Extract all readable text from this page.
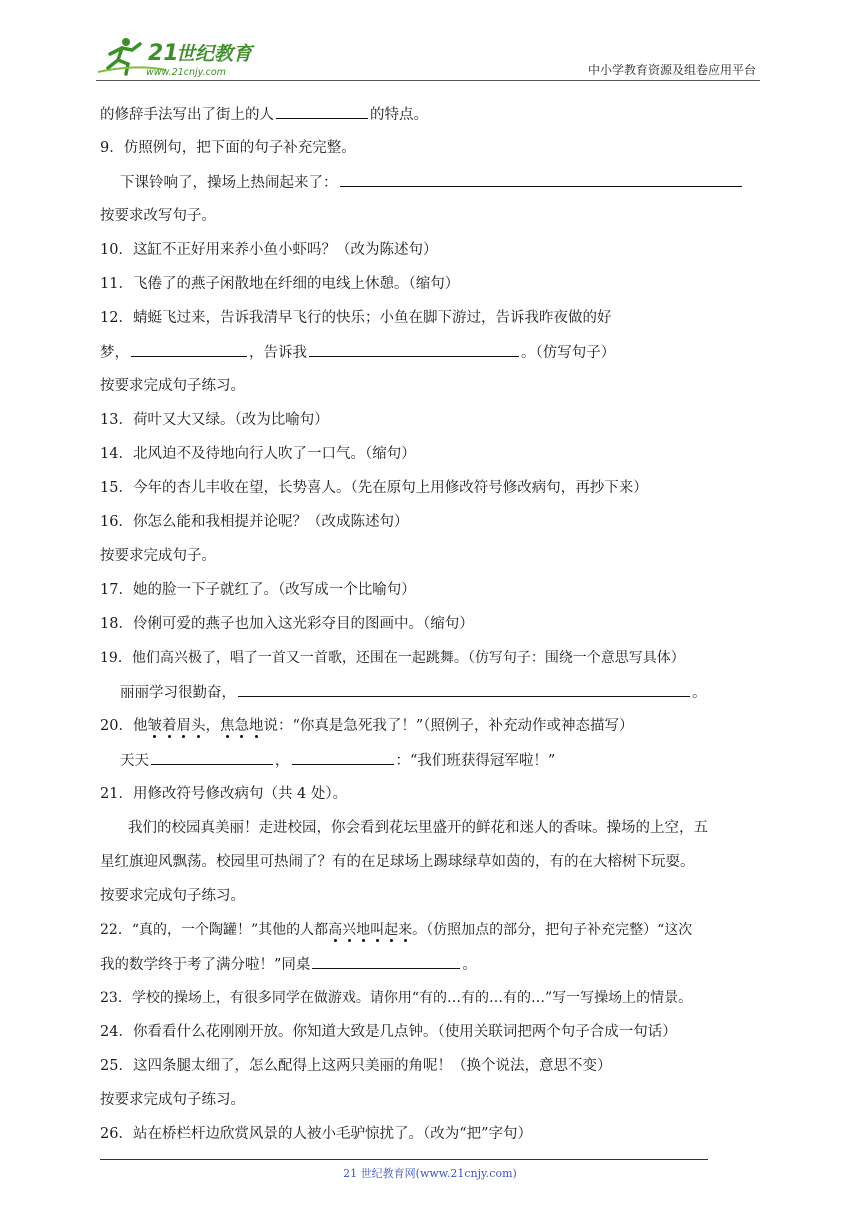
21
世纪教育
www.21cnjy.com	中小学教育资源及组卷应用平台
的修辞手法写出了街上的人	的特点。
9．仿照例句，把下面的句子补充完整。
下课铃响了，操场上热闹起来了：
按要求改写句子。
10．这缸不正好用来养小鱼小虾吗？（改为陈述句）
11．飞倦了的燕子闲散地在纤细的电线上休憩。（缩句）
12．蜻蜓飞过来，告诉我清早飞行的快乐；小鱼在脚下游过，告诉我昨夜做的好
梦，	，告诉我	。（仿写句子）
按要求完成句子练习。
13．荷叶又大又绿。（改为比喻句）
14．北风迫不及待地向行人吹了一口气。（缩句）
15．今年的杏儿丰收在望，长势喜人。（先在原句上用修改符号修改病句，再抄下来）
16．你怎么能和我相提并论呢？（改成陈述句）
按要求完成句子。
17．她的脸一下子就红了。（改写成一个比喻句）
18．伶俐可爱的燕子也加入这光彩夺目的图画中。（缩句）
19．他们高兴极了，唱了一首又一首歌，还围在一起跳舞。（仿写句子：围绕一个意思写具体）
丽丽学习很勤奋，	。
20．他皱着眉头，焦急地说：“你真是急死我了！”（照例子，补充动作或神态描写）
天天	，	：“我们班获得冠军啦！”
21．用修改符号修改病句（共 4 处）。
我们的校园真美丽！走进校园，你会看到花坛里盛开的鲜花和迷人的香味。操场的上空，五
星红旗迎风飘荡。校园里可热闹了？有的在足球场上踢球绿草如茵的，有的在大榕树下玩耍。
按要求完成句子练习。
22．“真的，一个陶罐！”其他的人都高兴地叫起来。（仿照加点的部分，把句子补充完整）“这次
我的数学终于考了满分啦！”同桌	。
23．学校的操场上，有很多同学在做游戏。请你用“有的…有的…有的…”写一写操场上的情景。
24．你看看什么花刚刚开放。你知道大致是几点钟。（使用关联词把两个句子合成一句话）
25．这四条腿太细了，怎么配得上这两只美丽的角呢！（换个说法，意思不变）
按要求完成句子练习。
26．站在桥栏杆边欣赏风景的人被小毛驴惊扰了。（改为“把”字句）
21 世纪教育网(www.21cnjy.com)
